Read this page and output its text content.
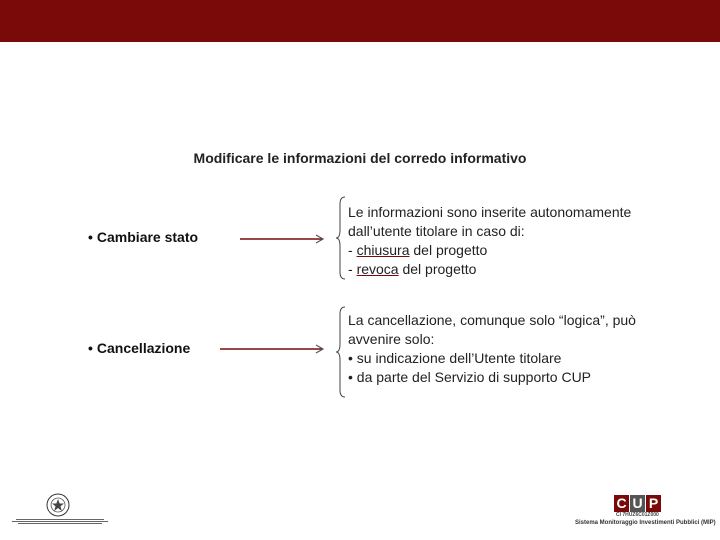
Modificare le informazioni del corredo informativo
• Cambiare stato
Le informazioni sono inserite autonomamente
dall’utente titolare in caso di:
- chiusura del progetto
- revoca del progetto
• Cancellazione
La cancellazione, comunque solo “logica”, può
avvenire solo:
• su indicazione dell’Utente titolare
• da parte del Servizio di supporto CUP
C U P
CI 7HUZ6C01Z000
Sistema Monitoraggio Investimenti Pubblici (MIP)
